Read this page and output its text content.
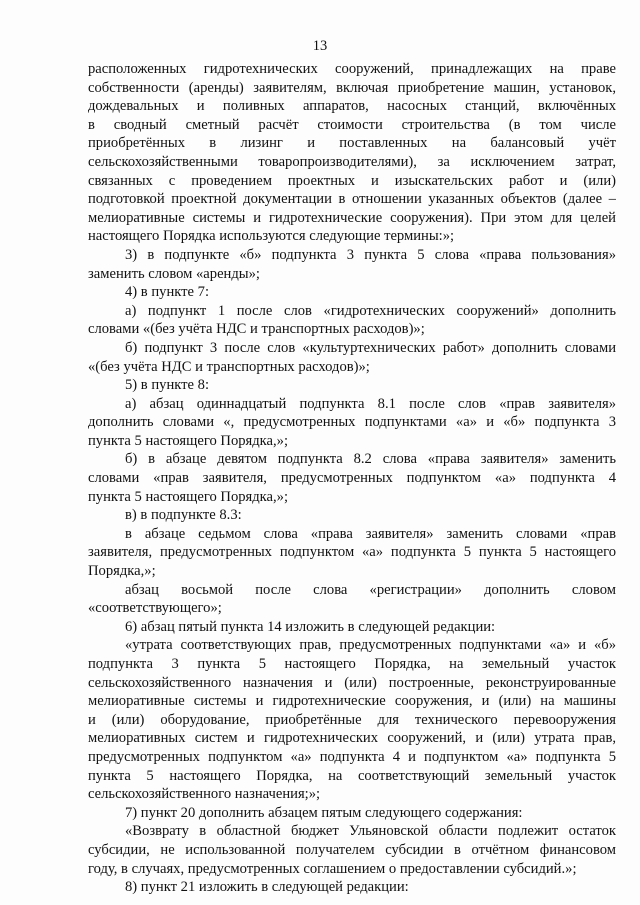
13
расположенных гидротехнических сооружений, принадлежащих на праве
собственности (аренды) заявителям, включая приобретение машин, установок,
дождевальных и поливных аппаратов, насосных станций, включённых
в сводный сметный расчёт стоимости строительства (в том числе
приобретённых в лизинг и поставленных на балансовый учёт
сельскохозяйственными товаропроизводителями), за исключением затрат,
связанных с проведением проектных и изыскательских работ и (или)
подготовкой проектной документации в отношении указанных объектов (далее –
мелиоративные системы и гидротехнические сооружения). При этом для целей
настоящего Порядка используются следующие термины:»;
3) в подпункте «б» подпункта 3 пункта 5 слова «права пользования»
заменить словом «аренды»;
4) в пункте 7:
а) подпункт 1 после слов «гидротехнических сооружений» дополнить
словами «(без учёта НДС и транспортных расходов)»;
б) подпункт 3 после слов «культуртехнических работ» дополнить словами
«(без учёта НДС и транспортных расходов)»;
5) в пункте 8:
а) абзац одиннадцатый подпункта 8.1 после слов «прав заявителя»
дополнить словами «, предусмотренных подпунктами «а» и «б» подпункта 3
пункта 5 настоящего Порядка,»;
б) в абзаце девятом подпункта 8.2 слова «права заявителя» заменить
словами «прав заявителя, предусмотренных подпунктом «а» подпункта 4
пункта 5 настоящего Порядка,»;
в) в подпункте 8.3:
в абзаце седьмом слова «права заявителя» заменить словами «прав
заявителя, предусмотренных подпунктом «а» подпункта 5 пункта 5 настоящего
Порядка,»;
абзац восьмой после слова «регистрации» дополнить словом
«соответствующего»;
6) абзац пятый пункта 14 изложить в следующей редакции:
«утрата соответствующих прав, предусмотренных подпунктами «а» и «б»
подпункта 3 пункта 5 настоящего Порядка, на земельный участок
сельскохозяйственного назначения и (или) построенные, реконструированные
мелиоративные системы и гидротехнические сооружения, и (или) на машины
и (или) оборудование, приобретённые для технического перевооружения
мелиоративных систем и гидротехнических сооружений, и (или) утрата прав,
предусмотренных подпунктом «а» подпункта 4 и подпунктом «а» подпункта 5
пункта 5 настоящего Порядка, на соответствующий земельный участок
сельскохозяйственного назначения;»;
7) пункт 20 дополнить абзацем пятым следующего содержания:
«Возврату в областной бюджет Ульяновской области подлежит остаток
субсидии, не использованной получателем субсидии в отчётном финансовом
году, в случаях, предусмотренных соглашением о предоставлении субсидий.»;
8) пункт 21 изложить в следующей редакции:
